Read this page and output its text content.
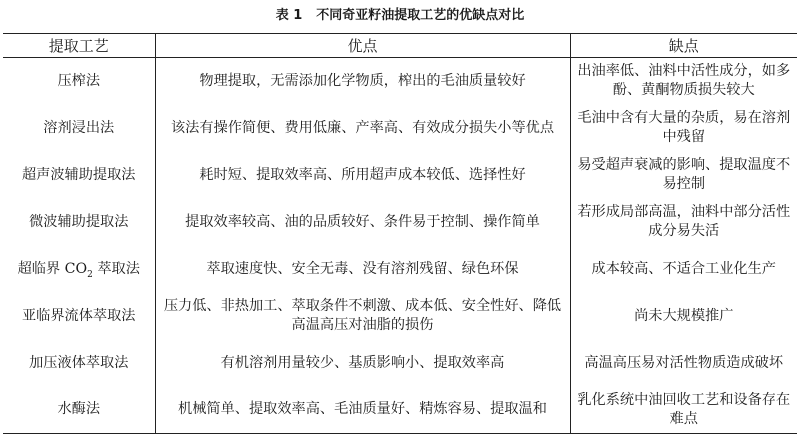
表 1 不同奇亚籽油提取工艺的优缺点对比
提取工艺	优点	缺点
压榨法	物理提取，无需添加化学物质，榨出的毛油质量较好	出油率低、油料中活性成分，如多酚、黄酮物质损失较大
溶剂浸出法	该法有操作简便、费用低廉、产率高、有效成分损失小等优点	毛油中含有大量的杂质，易在溶剂中残留
超声波辅助提取法	耗时短、提取效率高、所用超声成本较低、选择性好	易受超声衰减的影响、提取温度不易控制
微波辅助提取法	提取效率较高、油的品质较好、条件易于控制、操作简单	若形成局部高温，油料中部分活性成分易失活
超临界 $CO_2$ 萃取法	萃取速度快、安全无毒、没有溶剂残留、绿色环保	成本较高、不适合工业化生产
亚临界流体萃取法	压力低、非热加工、萃取条件不刺激、成本低、安全性好、降低高温高压对油脂的损伤	尚未大规模推广
加压液体萃取法	有机溶剂用量较少、基质影响小、提取效率高	高温高压易对活性物质造成破坏
水酶法	机械简单、提取效率高、毛油质量好、精炼容易、提取温和	乳化系统中油回收工艺和设备存在难点
